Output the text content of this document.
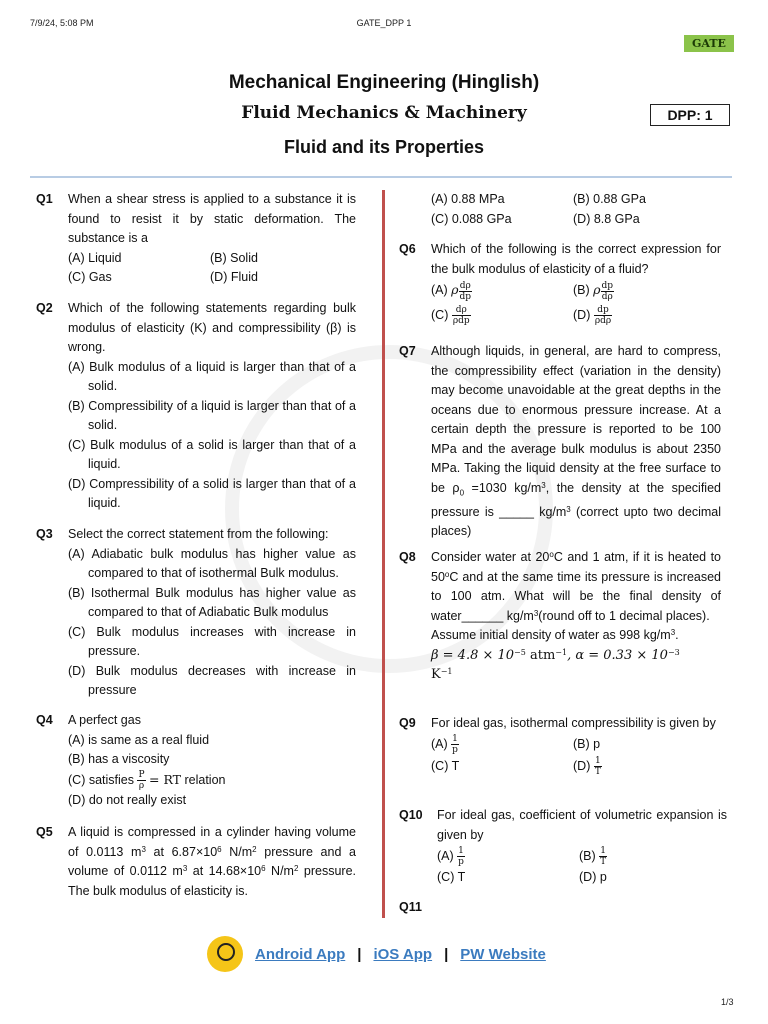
7/9/24, 5:08 PM	GATE_DPP 1
GATE
Mechanical Engineering (Hinglish)
Fluid Mechanics & Machinery	DPP: 1
Fluid and its Properties
Q1 When a shear stress is applied to a substance it is found to resist it by static deformation. The substance is a
(A) Liquid	(B) Solid
(C) Gas	(D) Fluid
Q2 Which of the following statements regarding bulk modulus of elasticity (K) and compressibility (β) is wrong.
(A) Bulk modulus of a liquid is larger than that of a solid.
(B) Compressibility of a liquid is larger than that of a solid.
(C) Bulk modulus of a solid is larger than that of a liquid.
(D) Compressibility of a solid is larger than that of a liquid.
Q3 Select the correct statement from the following:
(A) Adiabatic bulk modulus has higher value as compared to that of isothermal Bulk modulus.
(B) Isothermal Bulk modulus has higher value as compared to that of Adiabatic Bulk modulus
(C) Bulk modulus increases with increase in pressure.
(D) Bulk modulus decreases with increase in pressure
Q4 A perfect gas
(A) is same as a real fluid
(B) has a viscosity
(C) satisfies $\frac{P}{\rho}$ = RT relation
(D) do not really exist
Q5 A liquid is compressed in a cylinder having volume of 0.0113 $m^3$ at $6.87\times 10^6$ $N/m^2$ pressure and a volume of 0.0112 $m^3$ at $14.68\times 10^6$ $N/m^2$ pressure. The bulk modulus of elasticity is.
(A) 0.88 MPa	(B) 0.88 GPa
(C) 0.088 GPa	(D) 8.8 GPa
Q6 Which of the following is the correct expression for the bulk modulus of elasticity of a fluid?
(A) ρ $\frac{d\rho}{dp}$	(B) ρ $\frac{dp}{d\rho}$
$(C) \frac{d\rho}{\text{ρdp}}$	$(D) \frac{dp}{\text{ρdρ}}$
Q7 Although liquids, in general, are hard to compress, the compressibility effect (variation in the density) may become unavoidable at the great depths in the oceans due to enormous pressure increase. At a certain depth the pressure is reported to be 100 MPa and the average bulk modulus is about 2350 MPa. Taking the liquid density at the free surface to be $\rho_0 =1030$ $kg/m^3$, the density at the specified pressure is _____ $kg/m^3$ (correct upto two decimal places)
Q8 Consider water at 20$^o$C and 1 atm, if it is heated to 50$^o$C and at the same time its pressure is increased to 100 atm. What will be the final density of water______ $kg/m^3(round$ off to 1 decimal places).
Assume initial density of water as 998 $kg/m^3$.
$\beta = 4.8 \times 10^{-5}$ atm$^{-1}$, $\alpha = 0.33 \times 10^{-3}$
$K^{-1}$
Q9 For ideal gas, isothermal compressibility is given by
$(A) \frac{1}{p}$	(B) p
(C) T	$(D) \frac{1}{T}$
Q10 For ideal gas, coefficient of volumetric expansion is given by
$(A) \frac{1}{p}$	$(B) \frac{1}{T}$
(C) T	(D) p
Q11
Android App | iOS App | PW Website
1/3
